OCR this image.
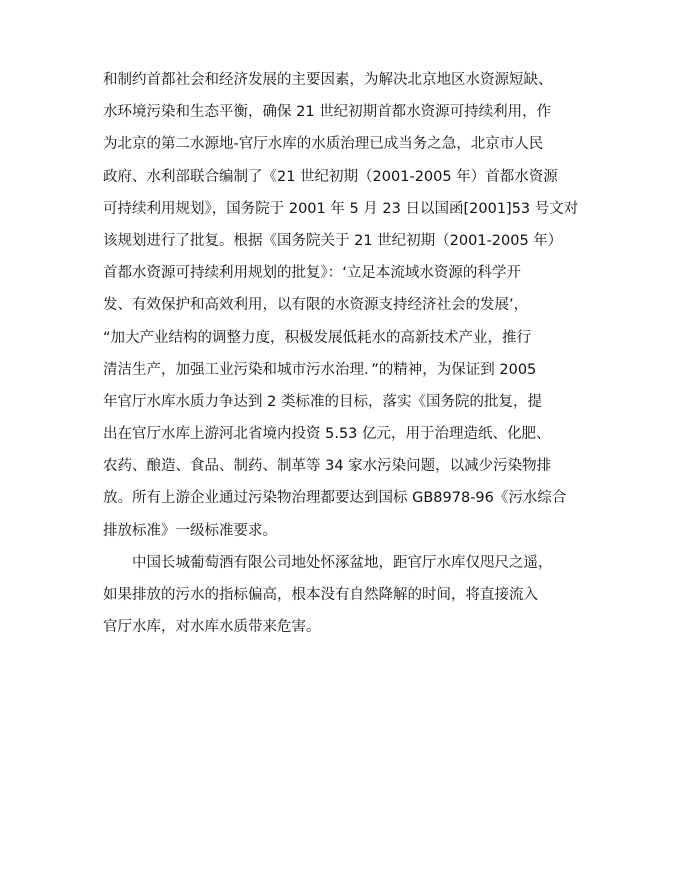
和制约首都社会和经济发展的主要因素，为解决北京地区水资源短缺、
水环境污染和生态平衡，确保 21 世纪初期首都水资源可持续利用，作
为北京的第二水源地-官厅水库的水质治理已成当务之急，北京市人民
政府、水利部联合编制了《21 世纪初期（2001-2005 年）首都水资源
可持续利用规划》，国务院于 2001 年 5 月 23 日以国函[2001]53 号文对
该规划进行了批复。根据《国务院关于 21 世纪初期（2001-2005 年）
首都水资源可持续利用规划的批复》：‘立足本流域水资源的科学开
发、有效保护和高效利用，以有限的水资源支持经济社会的发展’，
“加大产业结构的调整力度，积极发展低耗水的高新技术产业，推行
清洁生产，加强工业污染和城市污水治理．”的精神，为保证到 2005
年官厅水库水质力争达到 2 类标准的目标，落实《国务院的批复，提
出在官厅水库上游河北省境内投资 5.53 亿元，用于治理造纸、化肥、
农药、酿造、食品、制药、制革等 34 家水污染问题，以减少污染物排
放。所有上游企业通过污染物治理都要达到国标 GB8978-96《污水综合
排放标准》一级标准要求。
　　中国长城葡萄酒有限公司地处怀涿盆地，距官厅水库仅咫尺之遥，
如果排放的污水的指标偏高，根本没有自然降解的时间，将直接流入
官厅水库，对水库水质带来危害。
